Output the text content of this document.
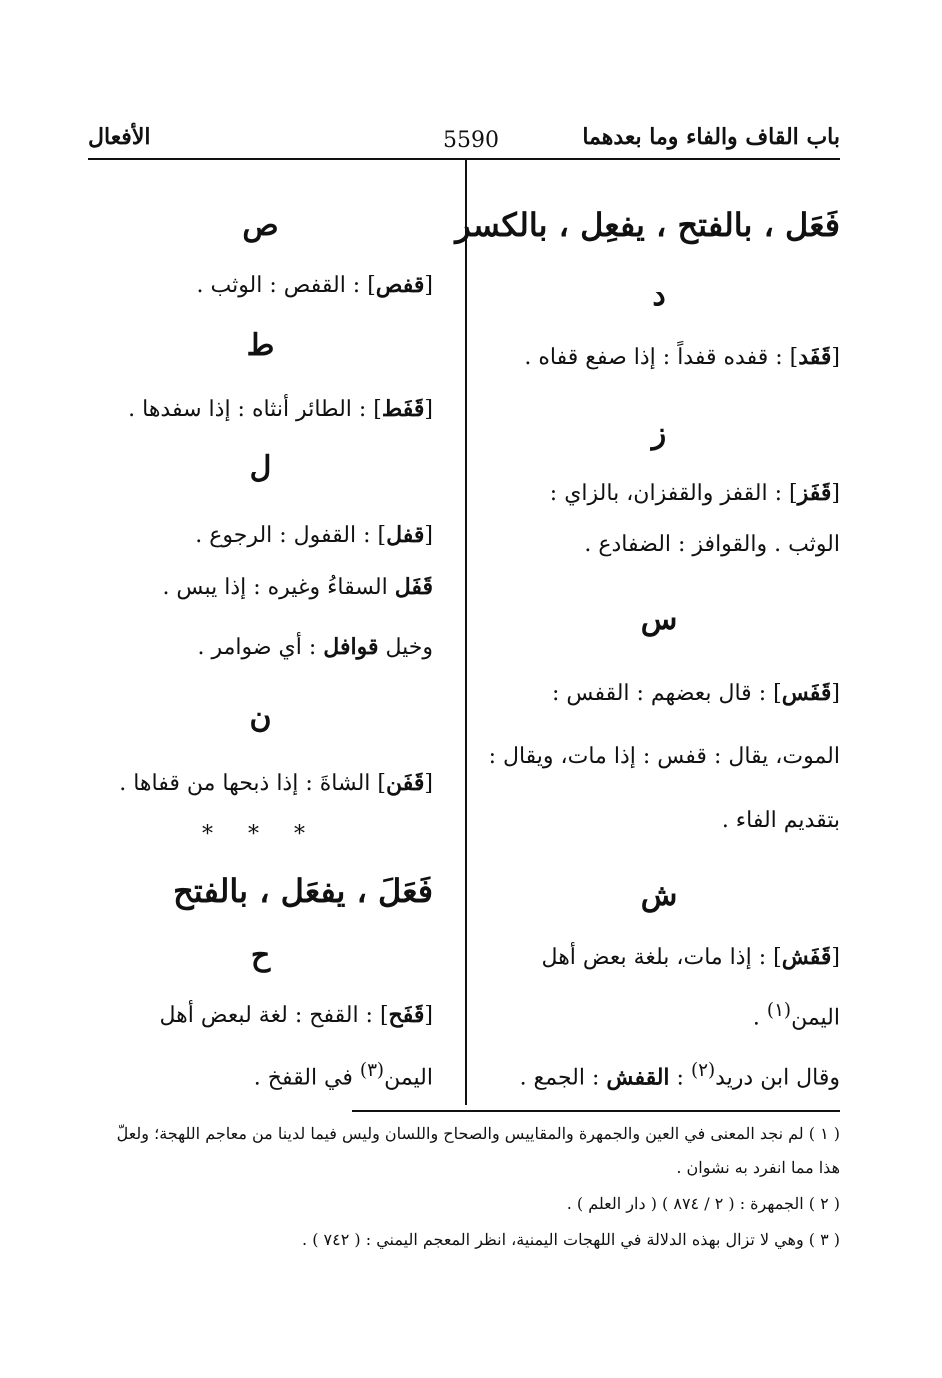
باب القاف والفاء وما بعدهما
5590
الأفعال
فَعَل ، بالفتح ، يفعِل ، بالكسر
د
[قَفَد] : قفده قفداً : إذا صفع قفاه .
ز
[قَفَز] : القفز والقفزان، بالزاي :
الوثب . والقوافز : الضفادع .
س
[قَفَس] : قال بعضهم : القفس :
الموت، يقال : قفس : إذا مات، ويقال :
بتقديم الفاء .
ش
[قَفَش] : إذا مات، بلغة بعض أهل
اليمن$^{(١)}$ .
وقال ابن دريد$^{(٢)}$ : القفش : الجمع .
ص
[قفص] : القفص : الوثب .
ط
[قَفَط] : الطائر أنثاه : إذا سفدها .
ل
[قفل] : القفول : الرجوع .
قَفَل السقاءُ وغيره : إذا يبس .
وخيل قوافل : أي ضوامر .
ن
[قَفَن] الشاةَ : إذا ذبحها من قفاها .
* * *
فَعَلَ ، يفعَل ، بالفتح
ح
[قَفَح] : القفح : لغة لبعض أهل
اليمن$^{(٣)}$ في القفخ .
( ١ ) لم نجد المعنى في العين والجمهرة والمقاييس والصحاح واللسان وليس فيما لدينا من معاجم اللهجة؛ ولعلّ
هذا مما انفرد به نشوان .
( ٢ ) الجمهرة : ( ٢ / ٨٧٤ ) ( دار العلم ) .
( ٣ ) وهي لا تزال بهذه الدلالة في اللهجات اليمنية، انظر المعجم اليمني : ( ٧٤٢ ) .
